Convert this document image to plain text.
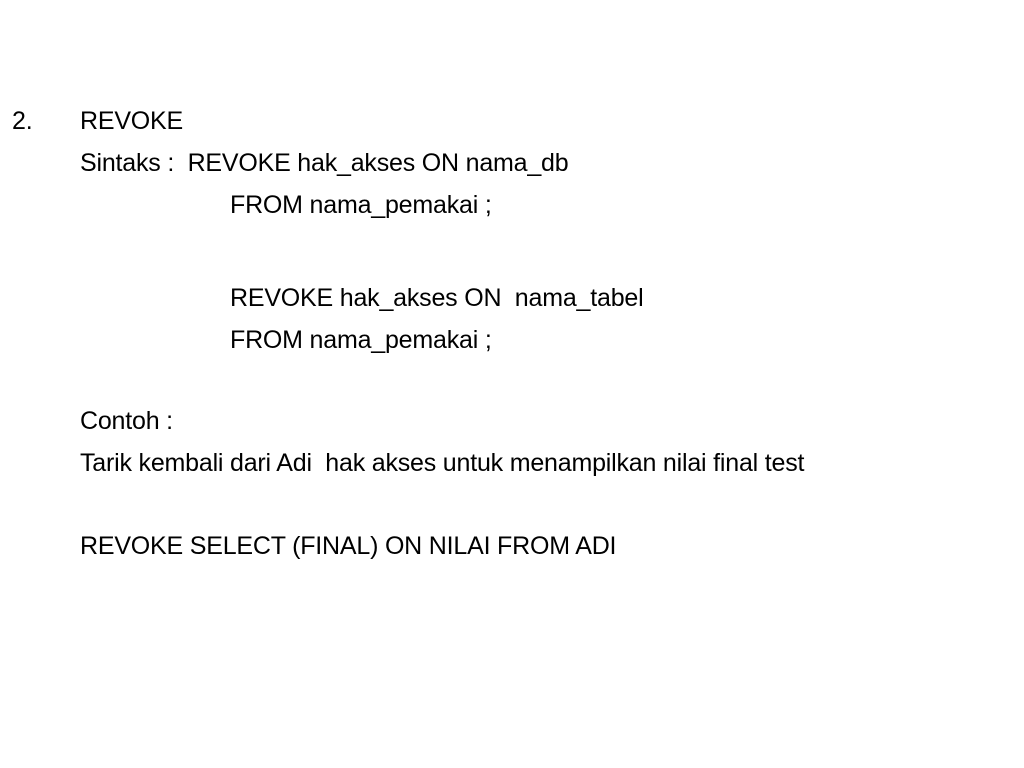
2. REVOKE
Sintaks :  REVOKE hak_akses ON nama_db
FROM nama_pemakai ;
REVOKE hak_akses ON  nama_tabel
FROM nama_pemakai ;
Contoh :
Tarik kembali dari Adi  hak akses untuk menampilkan nilai final test
REVOKE SELECT (FINAL) ON NILAI FROM ADI
